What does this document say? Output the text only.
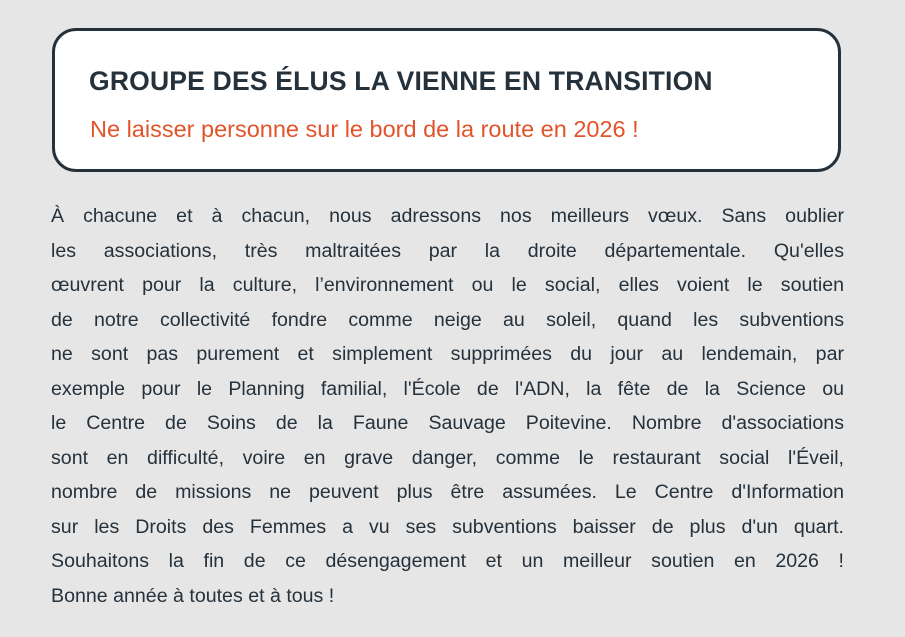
GROUPE DES ÉLUS LA VIENNE EN TRANSITION

Ne laisser personne sur le bord de la route en 2026 !

À chacune et à chacun, nous adressons nos meilleurs vœux. Sans oublier
les associations, très maltraitées par la droite départementale. Qu'elles
œuvrent pour la culture, l’environnement ou le social, elles voient le soutien
de notre collectivité fondre comme neige au soleil, quand les subventions
ne sont pas purement et simplement supprimées du jour au lendemain, par
exemple pour le Planning familial, l'École de l'ADN, la fête de la Science ou
le Centre de Soins de la Faune Sauvage Poitevine. Nombre d'associations
sont en difficulté, voire en grave danger, comme le restaurant social l'Éveil,
nombre de missions ne peuvent plus être assumées. Le Centre d'Information
sur les Droits des Femmes a vu ses subventions baisser de plus d'un quart.
Souhaitons la fin de ce désengagement et un meilleur soutien en 2026 !
Bonne année à toutes et à tous !
